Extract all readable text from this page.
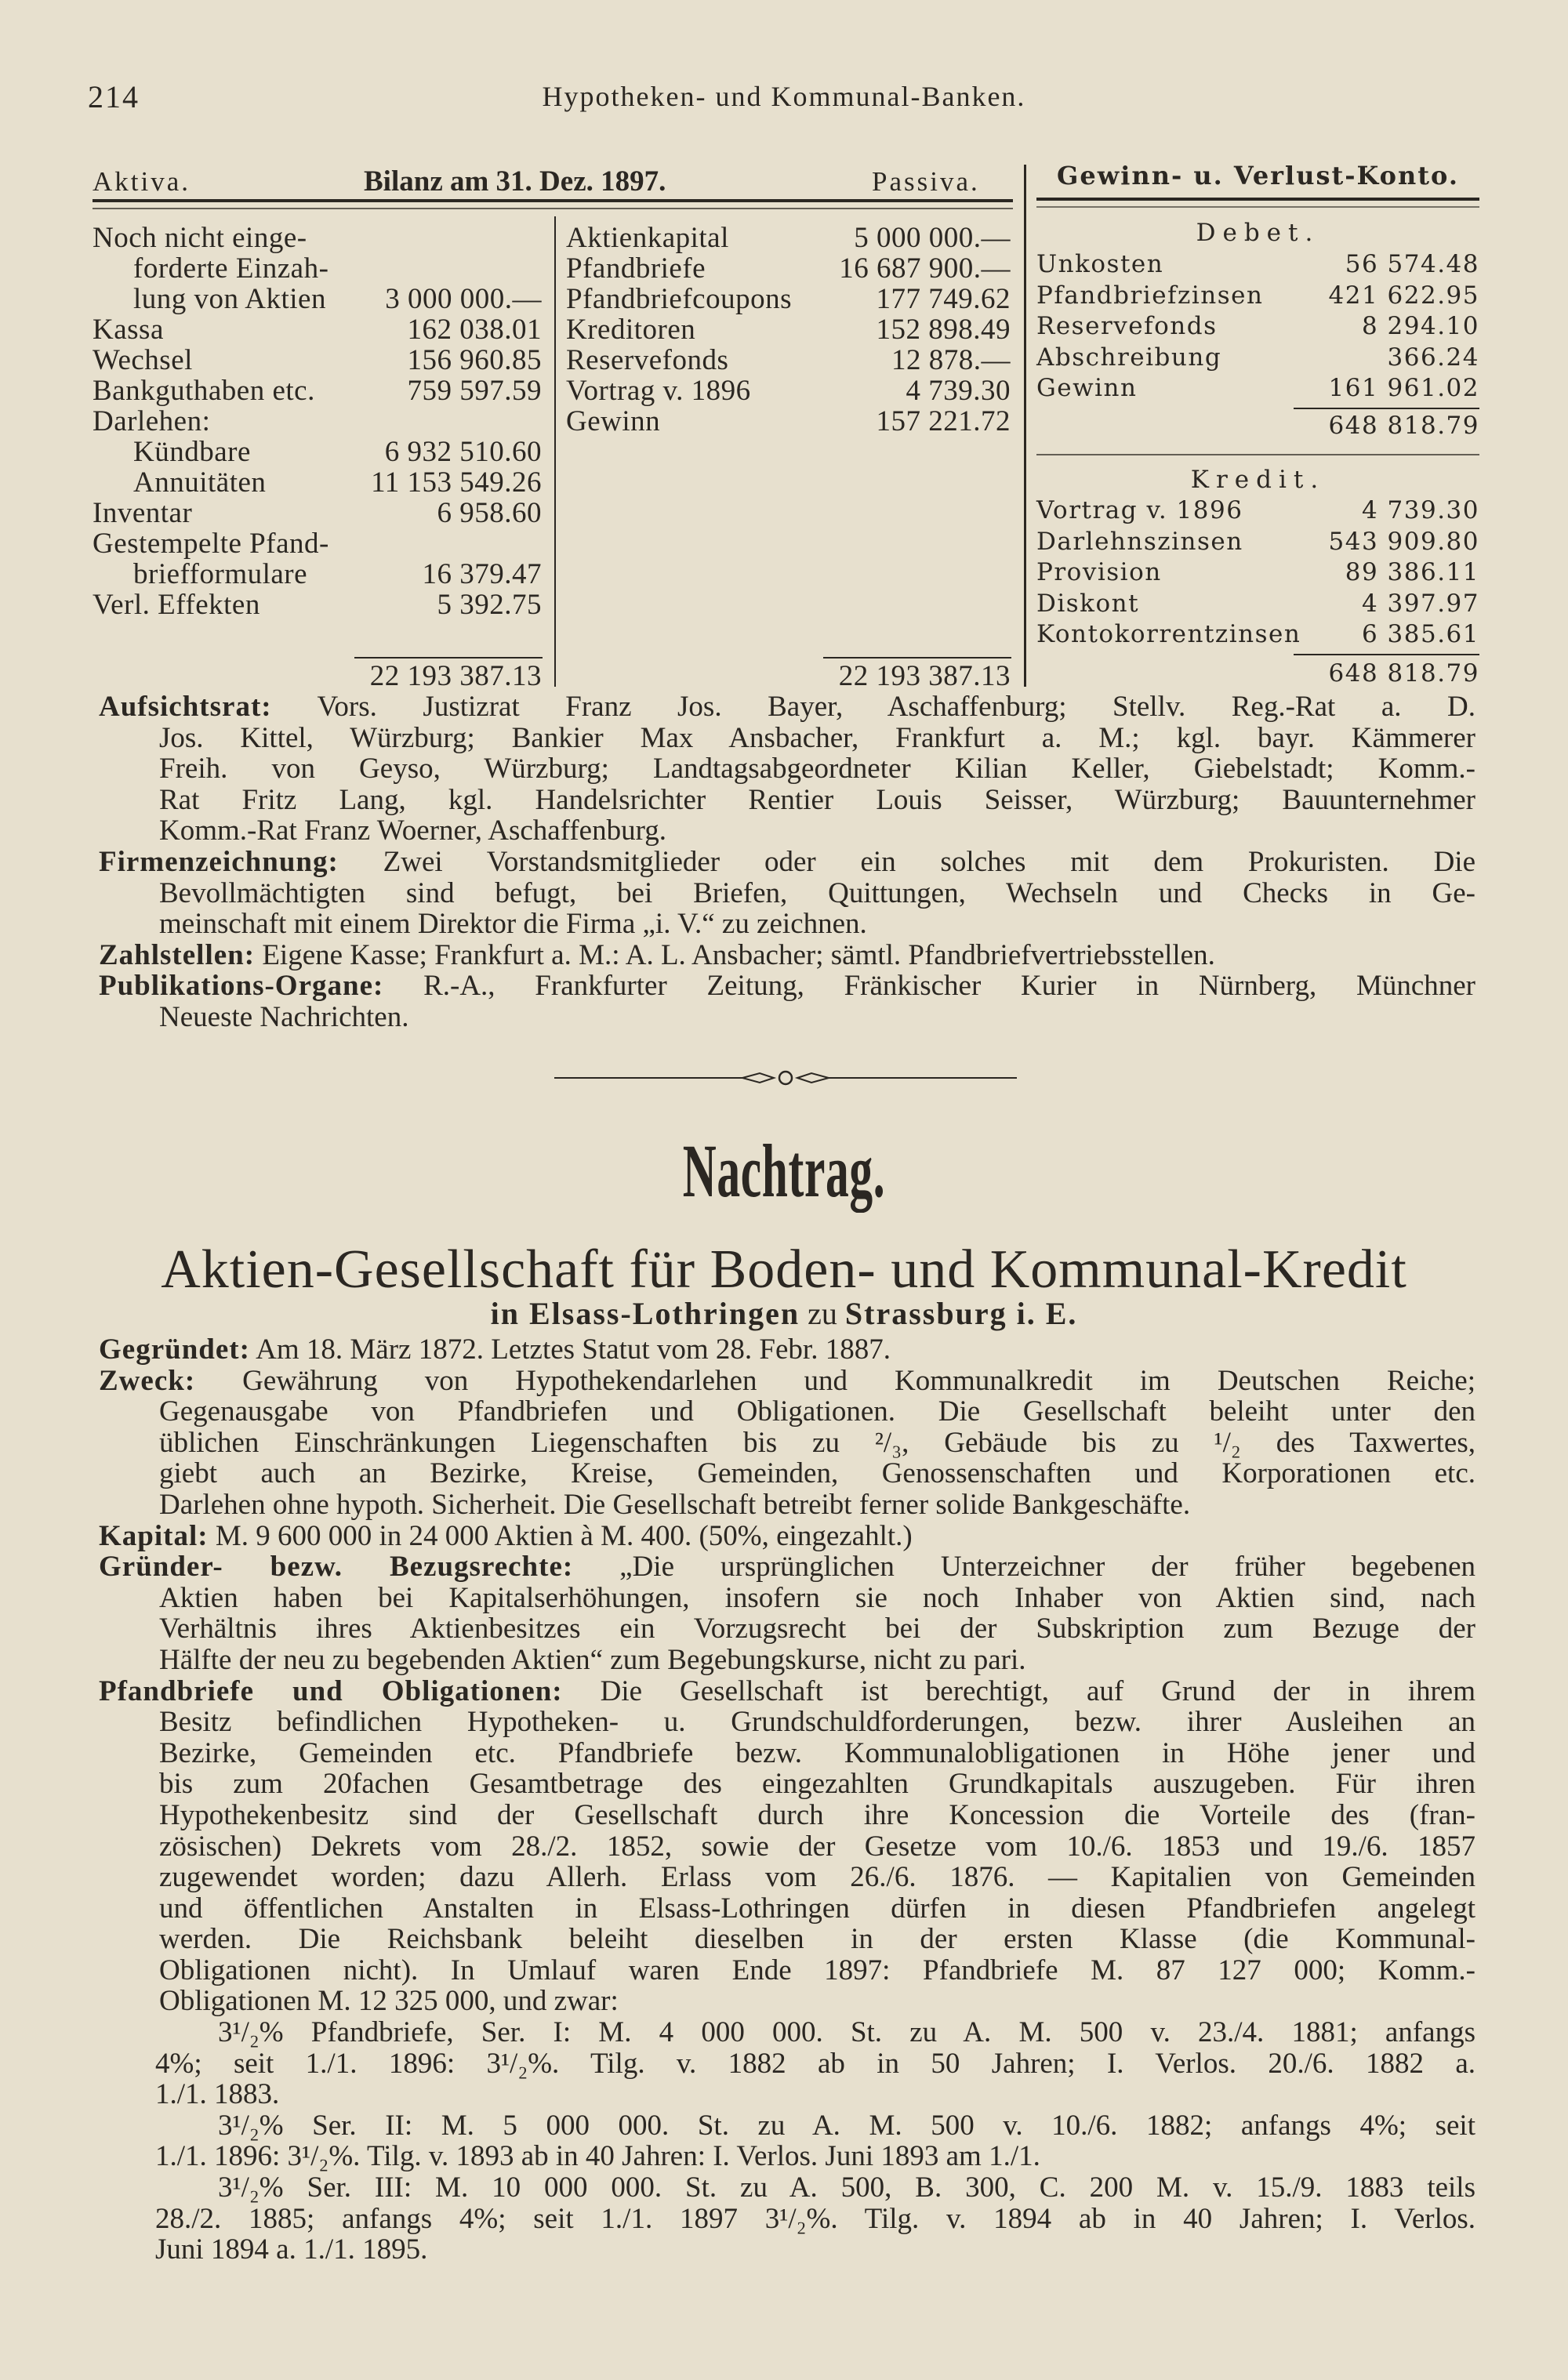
214	Hypotheken- und Kommunal-Banken.
Aktiva.	Bilanz am 31. Dez. 1897.	Passiva.
Noch nicht einge-
forderte Einzah-
lung von Aktien 3 000 000.—
Kassa	162 038.01
Wechsel	156 960.85
Bankguthaben etc.	759 597.59
Darlehen:
Kündbare	6 932 510.60
Annuitäten	11 153 549.26
Inventar	6 958.60
Gestempelte Pfand-
briefformulare	16 379.47
Verl. Effekten	5 392.75
Aktienkapital	5 000 000.—
Pfandbriefe	16 687 900.—
Pfandbriefcoupons	177 749.62
Kreditoren	152 898.49
Reservefonds	12 878.—
Vortrag v. 1896	4 739.30
Gewinn	157 221.72
22 193 387.13	22 193 387.13
Gewinn- u. Verlust-Konto.
Debet.
Unkosten	56 574.48
Pfandbriefzinsen	421 622.95
Reservefonds	8 294.10
Abschreibung	366.24
Gewinn	161 961.02
648 818.79
Kredit.
Vortrag v. 1896	4 739.30
Darlehnszinsen	543 909.80
Provision	89 386.11
Diskont	4 397.97
Kontokorrentzinsen	6 385.61
648 818.79
Aufsichtsrat: Vors. Justizrat Franz Jos. Bayer, Aschaffenburg; Stellv. Reg.-Rat a. D.
Jos. Kittel, Würzburg; Bankier Max Ansbacher, Frankfurt a. M.; kgl. bayr. Kämmerer
Freih. von Geyso, Würzburg; Landtagsabgeordneter Kilian Keller, Giebelstadt; Komm.-
Rat Fritz Lang, kgl. Handelsrichter Rentier Louis Seisser, Würzburg; Bauunternehmer
Komm.-Rat Franz Woerner, Aschaffenburg.
Firmenzeichnung: Zwei Vorstandsmitglieder oder ein solches mit dem Prokuristen. Die
Bevollmächtigten sind befugt, bei Briefen, Quittungen, Wechseln und Checks in Ge-
meinschaft mit einem Direktor die Firma „i. V.“ zu zeichnen.
Zahlstellen: Eigene Kasse; Frankfurt a. M.: A. L. Ansbacher; sämtl. Pfandbriefvertriebsstellen.
Publikations-Organe: R.-A., Frankfurter Zeitung, Fränkischer Kurier in Nürnberg, Münchner
Neueste Nachrichten.
Nachtrag.
Aktien-Gesellschaft für Boden- und Kommunal-Kredit
in Elsass-Lothringen zu Strassburg i. E.
Gegründet: Am 18. März 1872. Letztes Statut vom 28. Febr. 1887.
Zweck: Gewährung von Hypothekendarlehen und Kommunalkredit im Deutschen Reiche;
Gegenausgabe von Pfandbriefen und Obligationen. Die Gesellschaft beleiht unter den
üblichen Einschränkungen Liegenschaften bis zu ²/₃, Gebäude bis zu ¹/₂ des Taxwertes,
giebt auch an Bezirke, Kreise, Gemeinden, Genossenschaften und Korporationen etc.
Darlehen ohne hypoth. Sicherheit. Die Gesellschaft betreibt ferner solide Bankgeschäfte.
Kapital: M. 9 600 000 in 24 000 Aktien à M. 400. (50%, eingezahlt.)
Gründer- bezw. Bezugsrechte: „Die ursprünglichen Unterzeichner der früher begebenen
Aktien haben bei Kapitalserhöhungen, insofern sie noch Inhaber von Aktien sind, nach
Verhältnis ihres Aktienbesitzes ein Vorzugsrecht bei der Subskription zum Bezuge der
Hälfte der neu zu begebenden Aktien“ zum Begebungskurse, nicht zu pari.
Pfandbriefe und Obligationen: Die Gesellschaft ist berechtigt, auf Grund der in ihrem
Besitz befindlichen Hypotheken- u. Grundschuldforderungen, bezw. ihrer Ausleihen an
Bezirke, Gemeinden etc. Pfandbriefe bezw. Kommunalobligationen in Höhe jener und
bis zum 20fachen Gesamtbetrage des eingezahlten Grundkapitals auszugeben. Für ihren
Hypothekenbesitz sind der Gesellschaft durch ihre Koncession die Vorteile des (fran-
zösischen) Dekrets vom 28./2. 1852, sowie der Gesetze vom 10./6. 1853 und 19./6. 1857
zugewendet worden; dazu Allerh. Erlass vom 26./6. 1876. — Kapitalien von Gemeinden
und öffentlichen Anstalten in Elsass-Lothringen dürfen in diesen Pfandbriefen angelegt
werden. Die Reichsbank beleiht dieselben in der ersten Klasse (die Kommunal-
Obligationen nicht). In Umlauf waren Ende 1897: Pfandbriefe M. 87 127 000; Komm.-
Obligationen M. 12 325 000, und zwar:
3¹/₂% Pfandbriefe, Ser. I: M. 4 000 000. St. zu A. M. 500 v. 23./4. 1881; anfangs
4%; seit 1./1. 1896: 3¹/₂%. Tilg. v. 1882 ab in 50 Jahren; I. Verlos. 20./6. 1882 a.
1./1. 1883.
3¹/₂% Ser. II: M. 5 000 000. St. zu A. M. 500 v. 10./6. 1882; anfangs 4%; seit
1./1. 1896: 3¹/₂%. Tilg. v. 1893 ab in 40 Jahren: I. Verlos. Juni 1893 am 1./1.
3¹/₂% Ser. III: M. 10 000 000. St. zu A. 500, B. 300, C. 200 M. v. 15./9. 1883 teils
28./2. 1885; anfangs 4%; seit 1./1. 1897 3¹/₂%. Tilg. v. 1894 ab in 40 Jahren; I. Verlos.
Juni 1894 a. 1./1. 1895.
